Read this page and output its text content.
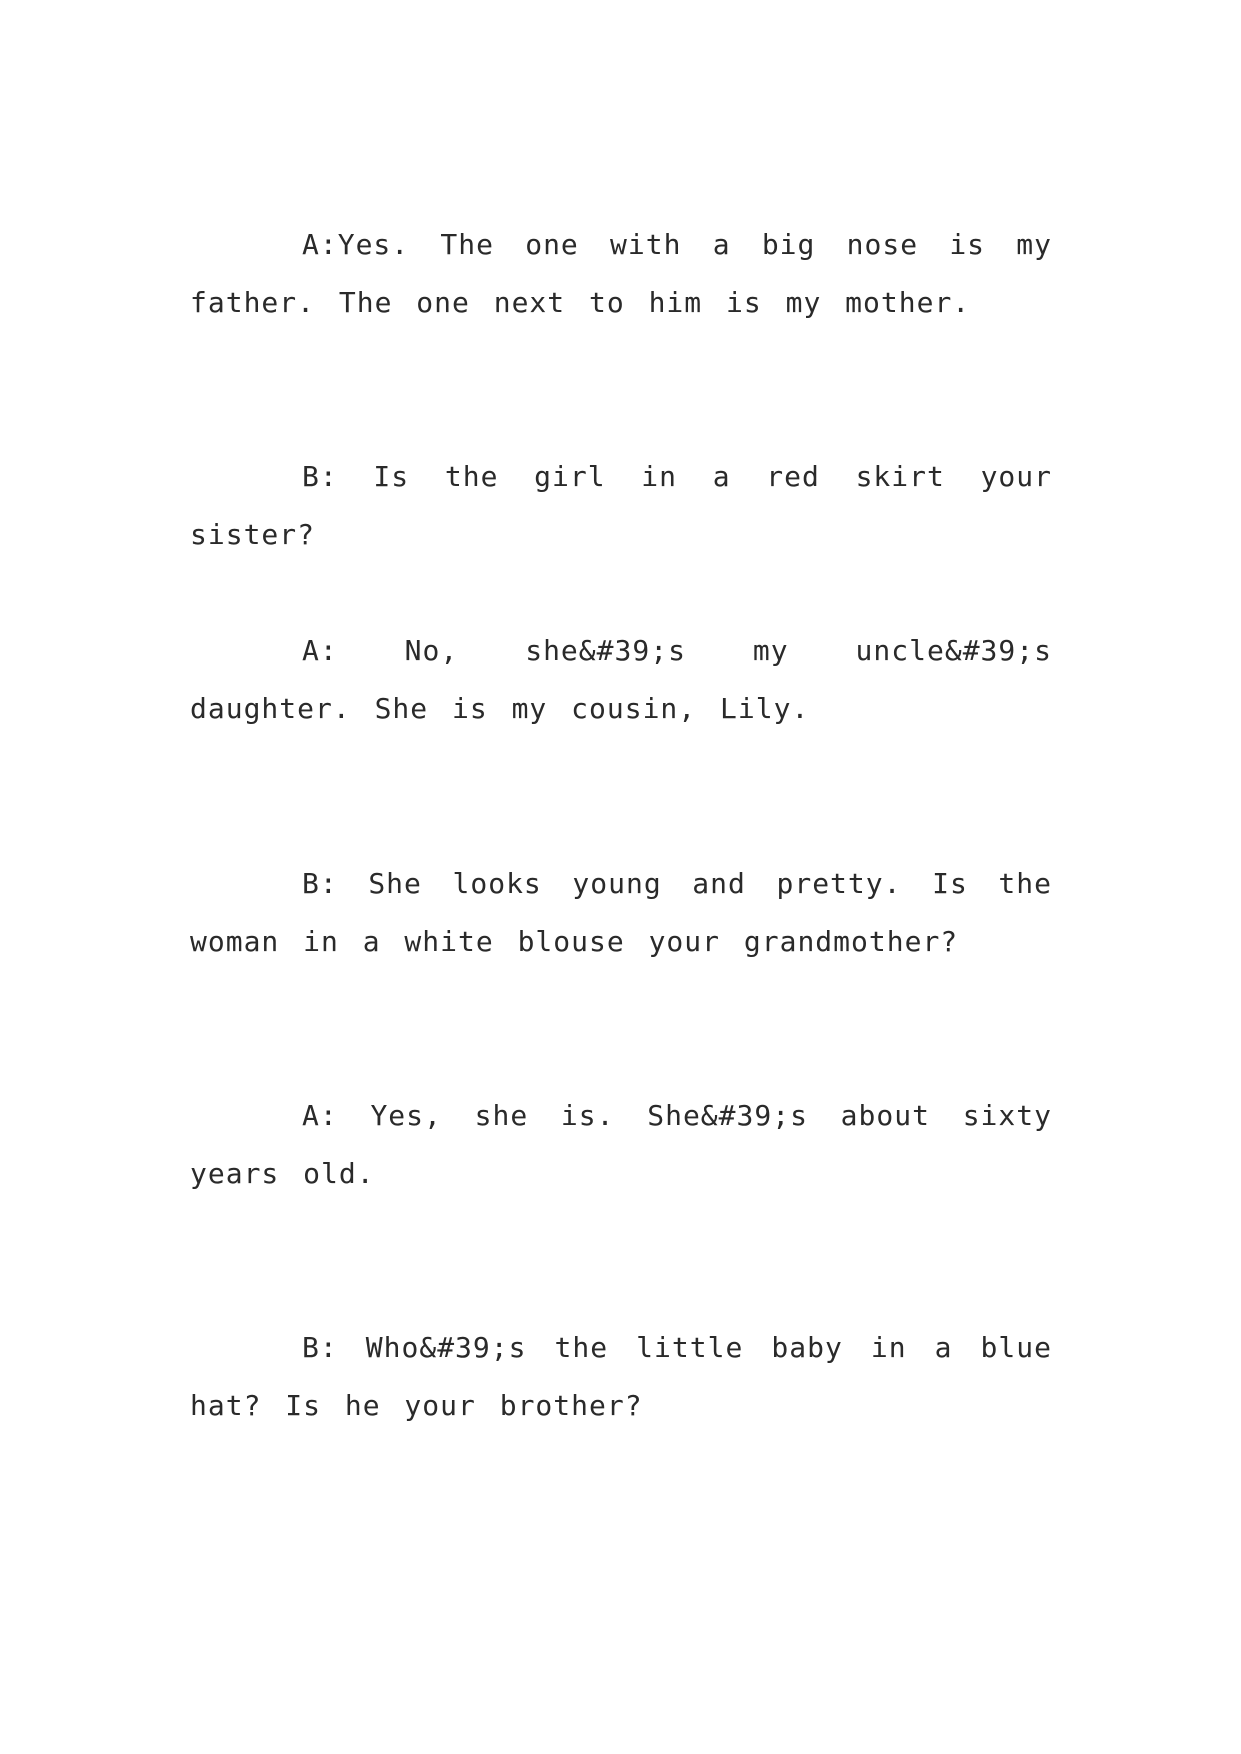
A:Yes. The one with a big nose is my father. The one next to him is my mother.

B: Is the girl in a red skirt your sister?

A: No, she&#39;s my uncle&#39;s daughter. She is my cousin, Lily.

B: She looks young and pretty. Is the woman in a white blouse your grandmother?

A: Yes, she is. She&#39;s about sixty years old.

B: Who&#39;s the little baby in a blue hat? Is he your brother?
